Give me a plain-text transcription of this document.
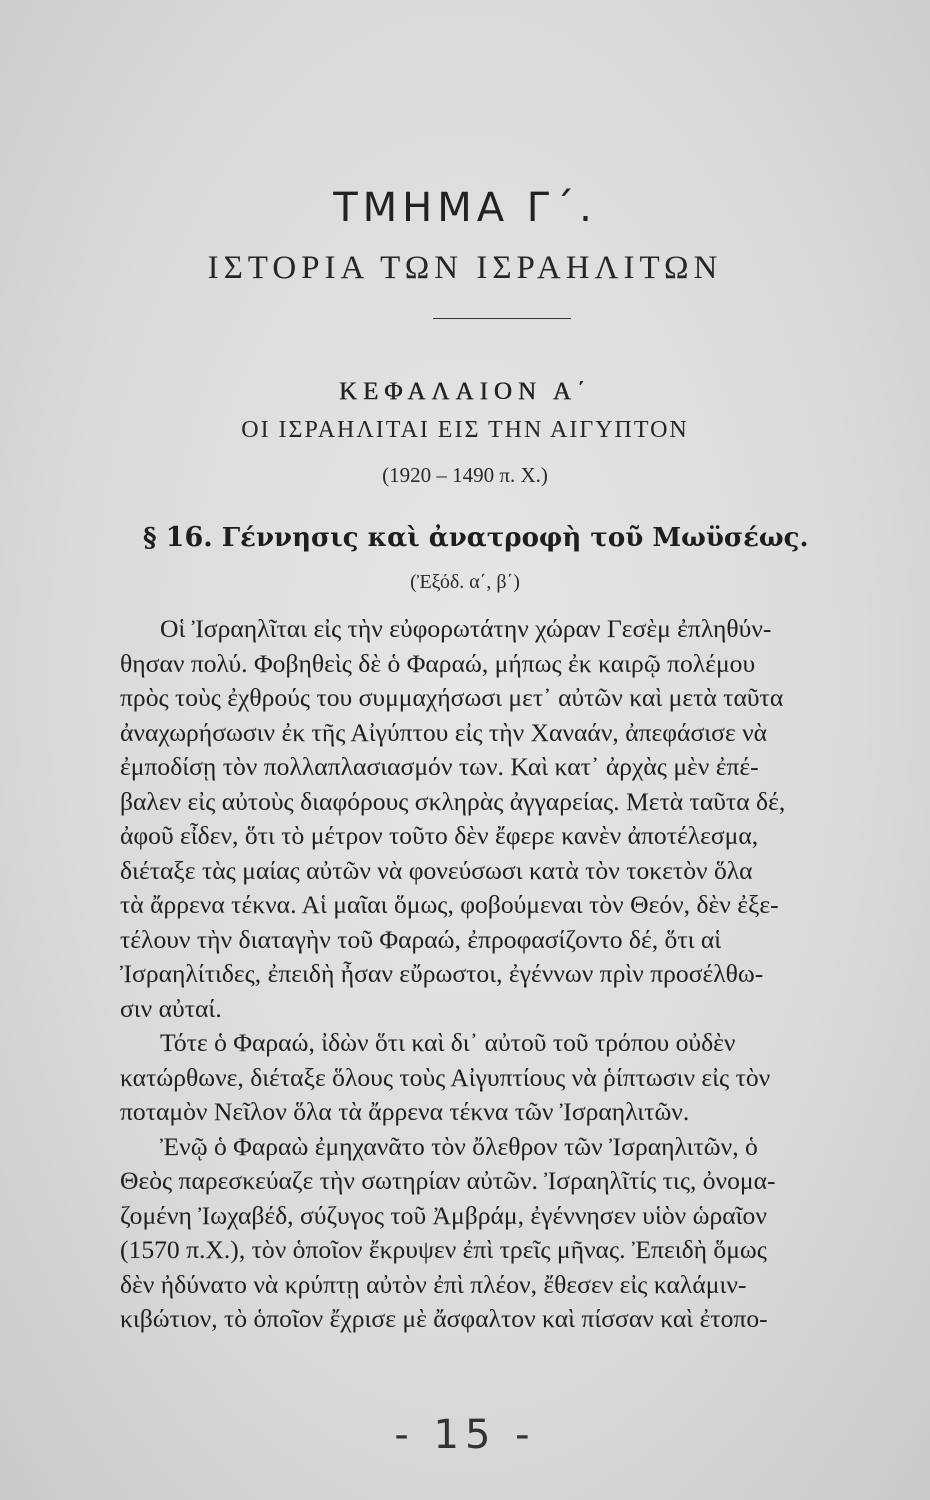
ΤΜΗΜΑ Γ΄.
ΙΣΤΟΡΙΑ ΤΩΝ ΙΣΡΑΗΛΙΤΩΝ
ΚΕΦΑΛΑΙΟΝ Α΄
ΟΙ ΙΣΡΑΗΛΙΤΑΙ ΕΙΣ ΤΗΝ ΑΙΓΥΠΤΟΝ
(1920 – 1490 π. Χ.)
§ 16. Γέννησις καὶ ἀνατροφὴ τοῦ Μωϋσέως.
(Ἐξόδ. α΄, β΄)

Οἱ Ἰσραηλῖται εἰς τὴν εὐφορωτάτην χώραν Γεσὲμ ἐπληθύν-
θησαν πολύ. Φοβηθεὶς δὲ ὁ Φαραώ, μήπως ἐκ καιρῷ πολέμου
πρὸς τοὺς ἐχθρούς του συμμαχήσωσι μετ᾽ αὐτῶν καὶ μετὰ ταῦτα
ἀναχωρήσωσιν ἐκ τῆς Αἰγύπτου εἰς τὴν Χαναάν, ἀπεφάσισε νὰ
ἐμποδίσῃ τὸν πολλαπλασιασμόν των. Καὶ κατ᾽ ἀρχὰς μὲν ἐπέ-
βαλεν εἰς αὐτοὺς διαφόρους σκληρὰς ἀγγαρείας. Μετὰ ταῦτα δέ,
ἀφοῦ εἶδεν, ὅτι τὸ μέτρον τοῦτο δὲν ἔφερε κανὲν ἀποτέλεσμα,
διέταξε τὰς μαίας αὐτῶν νὰ φονεύσωσι κατὰ τὸν τοκετὸν ὅλα
τὰ ἄρρενα τέκνα. Αἱ μαῖαι ὅμως, φοβούμεναι τὸν Θεόν, δὲν ἐξε-
τέλουν τὴν διαταγὴν τοῦ Φαραώ, ἐπροφασίζοντο δέ, ὅτι αἱ
Ἰσραηλίτιδες, ἐπειδὴ ἦσαν εὔρωστοι, ἐγέννων πρὶν προσέλθω-
σιν αὐταί.

Τότε ὁ Φαραώ, ἰδὼν ὅτι καὶ δι᾽ αὐτοῦ τοῦ τρόπου οὐδὲν
κατώρθωνε, διέταξε ὅλους τοὺς Αἰγυπτίους νὰ ῥίπτωσιν εἰς τὸν
ποταμὸν Νεῖλον ὅλα τὰ ἄρρενα τέκνα τῶν Ἰσραηλιτῶν.

Ἐνῷ ὁ Φαραὼ ἐμηχανᾶτο τὸν ὄλεθρον τῶν Ἰσραηλιτῶν, ὁ
Θεὸς παρεσκεύαζε τὴν σωτηρίαν αὐτῶν. Ἰσραηλῖτίς τις, ὀνομα-
ζομένη Ἰωχαβέδ, σύζυγος τοῦ Ἀμβράμ, ἐγέννησεν υἱὸν ὡραῖον
(1570 π.Χ.), τὸν ὁποῖον ἔκρυψεν ἐπὶ τρεῖς μῆνας. Ἐπειδὴ ὅμως
δὲν ἠδύνατο νὰ κρύπτῃ αὐτὸν ἐπὶ πλέον, ἔθεσεν εἰς καλάμιν-
κιβώτιον, τὸ ὁποῖον ἔχρισε μὲ ἄσφαλτον καὶ πίσσαν καὶ ἐτοπο-

- 15 -
